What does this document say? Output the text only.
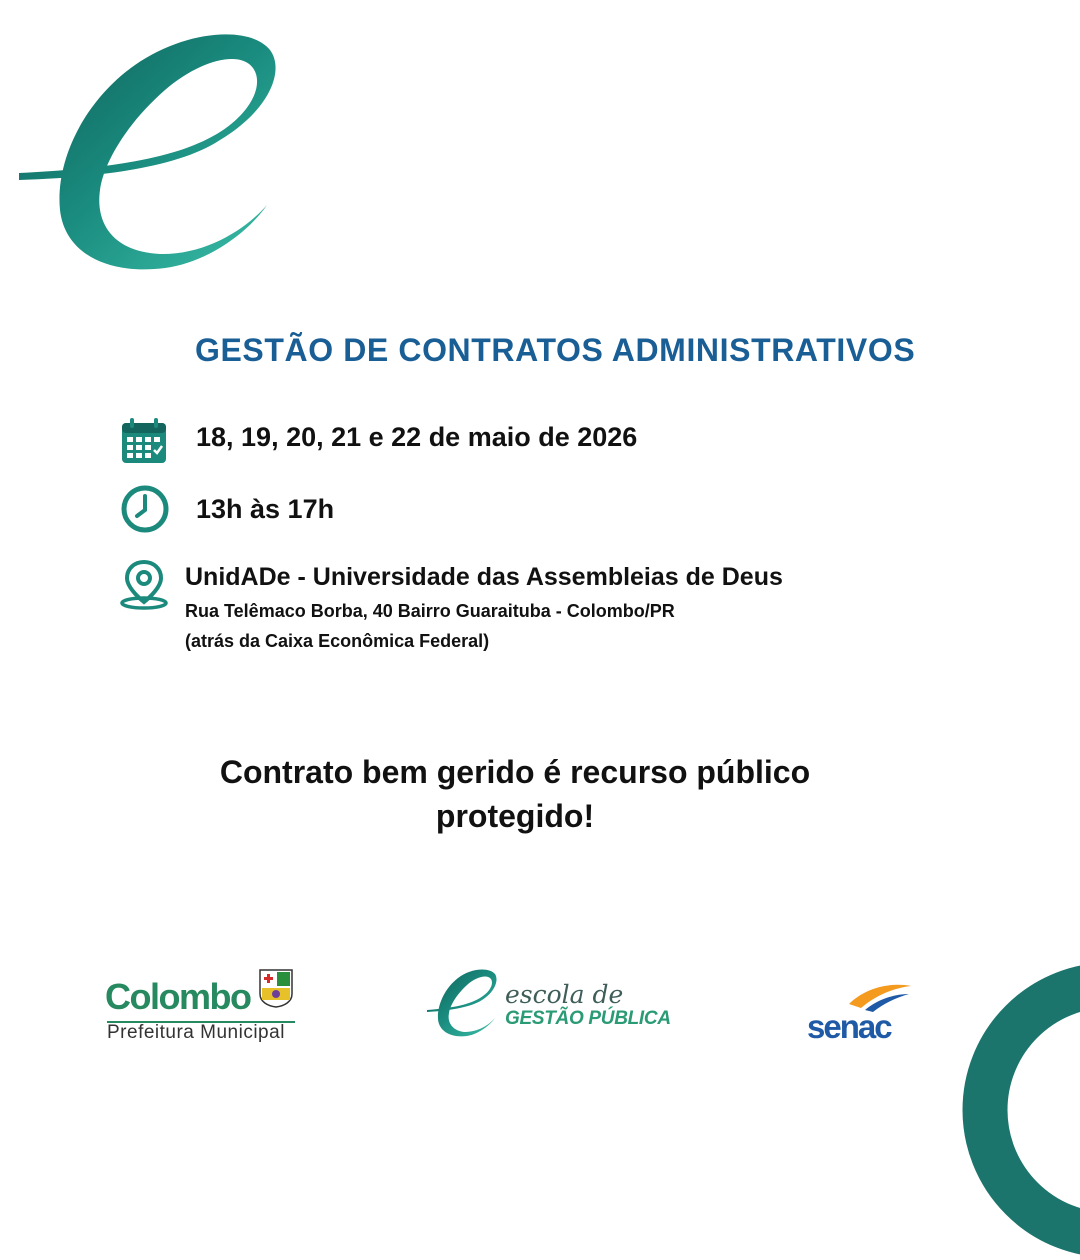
GESTÃO DE CONTRATOS ADMINISTRATIVOS
18, 19, 20, 21 e 22 de maio de 2026
13h às 17h
UnidADe - Universidade das Assembleias de Deus
Rua Telêmaco Borba, 40 Bairro Guaraituba - Colombo/PR
(atrás da Caixa Econômica Federal)
Contrato bem gerido é recurso público
protegido!
Colombo
Prefeitura Municipal
escola de
GESTÃO PÚBLICA	senac
